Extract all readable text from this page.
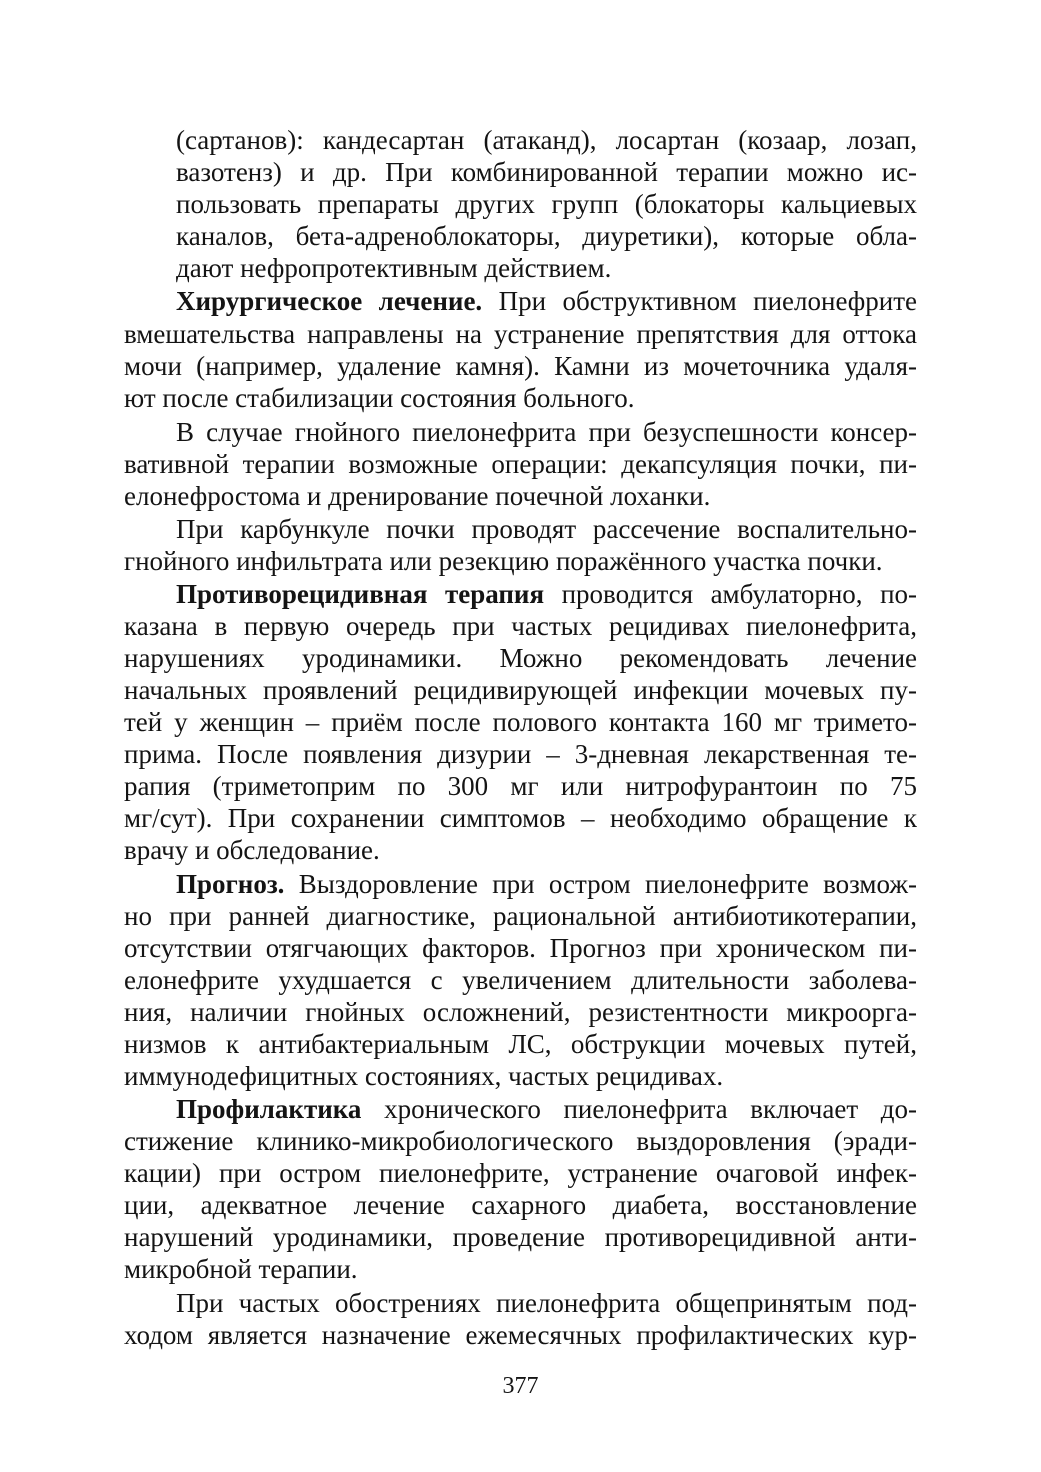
(сартанов): кандесартан (атаканд), лосартан (козаар, лозап,
вазотенз) и др. При комбинированной терапии можно ис-
пользовать препараты других групп (блокаторы кальциевых
каналов, бета-адреноблокаторы, диуретики), которые обла-
дают нефропротективным действием.
Хирургическое лечение. При обструктивном пиелонефрите
вмешательства направлены на устранение препятствия для оттока
мочи (например, удаление камня). Камни из мочеточника удаля-
ют после стабилизации состояния больного.
В случае гнойного пиелонефрита при безуспешности консер-
вативной терапии возможные операции: декапсуляция почки, пи-
елонефростома и дренирование почечной лоханки.
При карбункуле почки проводят рассечение воспалительно-
гнойного инфильтрата или резекцию поражённого участка почки.
Противорецидивная терапия проводится амбулаторно, по-
казана в первую очередь при частых рецидивах пиелонефрита,
нарушениях уродинамики. Можно рекомендовать лечение
начальных проявлений рецидивирующей инфекции мочевых пу-
тей у женщин – приём после полового контакта 160 мг тримето-
прима. После появления дизурии – 3-дневная лекарственная те-
рапия (триметоприм по 300 мг или нитрофурантоин по 75
мг/сут). При сохранении симптомов – необходимо обращение к
врачу и обследование.
Прогноз. Выздоровление при остром пиелонефрите возмож-
но при ранней диагностике, рациональной антибиотикотерапии,
отсутствии отягчающих факторов. Прогноз при хроническом пи-
елонефрите ухудшается с увеличением длительности заболева-
ния, наличии гнойных осложнений, резистентности микроорга-
низмов к антибактериальным ЛС, обструкции мочевых путей,
иммунодефицитных состояниях, частых рецидивах.
Профилактика хронического пиелонефрита включает до-
стижение клинико-микробиологического выздоровления (эради-
кации) при остром пиелонефрите, устранение очаговой инфек-
ции, адекватное лечение сахарного диабета, восстановление
нарушений уродинамики, проведение противорецидивной анти-
микробной терапии.
При частых обострениях пиелонефрита общепринятым под-
ходом является назначение ежемесячных профилактических кур-
377
